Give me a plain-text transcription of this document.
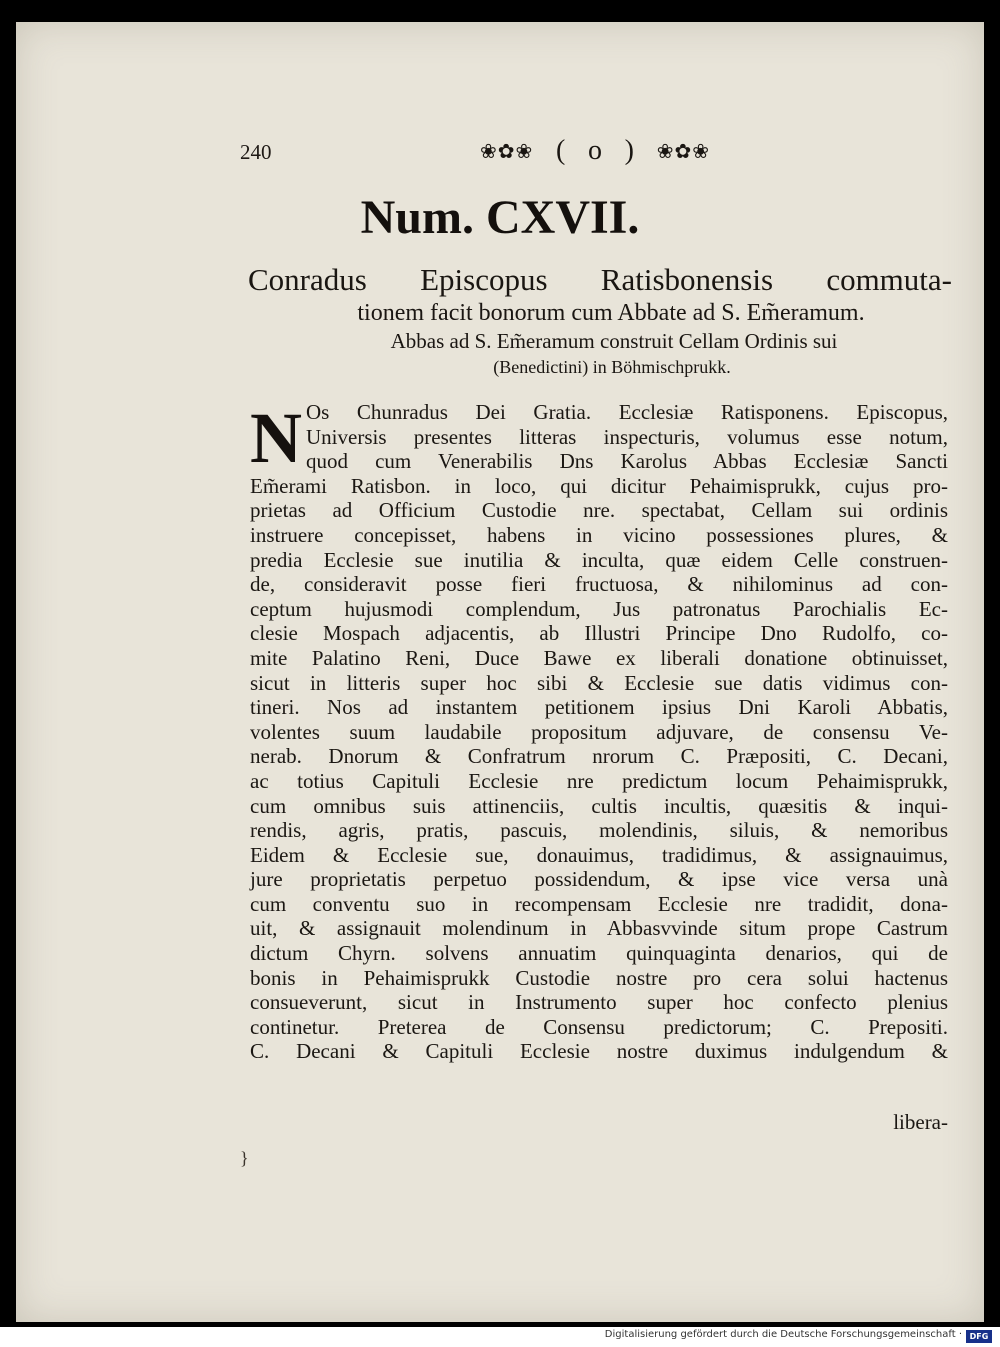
240	❀✿❀ ( o ) ❀✿❀
Num. CXVII.
Conradus Episcopus Ratisbonensis commuta-
tionem facit bonorum cum Abbate ad S. Em̃eramum.
Abbas ad S. Em̃eramum construit Cellam Ordinis sui
(Benedictini) in Böhmischprukk.
N Os Chunradus Dei Gratia. Ecclesiæ Ratisponens. Episcopus,
Universis presentes litteras inspecturis, volumus esse notum,
quod cum Venerabilis Dns Karolus Abbas Ecclesiæ Sancti
Em̃erami Ratisbon. in loco, qui dicitur Pehaimisprukk, cujus pro-
prietas ad Officium Custodie nre. spectabat, Cellam sui ordinis
instruere concepisset, habens in vicino possessiones plures, &
predia Ecclesie sue inutilia & inculta, quæ eidem Celle construen-
de, consideravit posse fieri fructuosa, & nihilominus ad con-
ceptum hujusmodi complendum, Jus patronatus Parochialis Ec-
clesie Mospach adjacentis, ab Illustri Principe Dno Rudolfo, co-
mite Palatino Reni, Duce Bawe ex liberali donatione obtinuisset,
sicut in litteris super hoc sibi & Ecclesie sue datis vidimus con-
tineri. Nos ad instantem petitionem ipsius Dni Karoli Abbatis,
volentes suum laudabile propositum adjuvare, de consensu Ve-
nerab. Dnorum & Confratrum nrorum C. Præpositi, C. Decani,
ac totius Capituli Ecclesie nre predictum locum Pehaimisprukk,
cum omnibus suis attinenciis, cultis incultis, quæsitis & inqui-
rendis, agris, pratis, pascuis, molendinis, siluis, & nemoribus
Eidem & Ecclesie sue, donauimus, tradidimus, & assignauimus,
jure proprietatis perpetuo possidendum, & ipse vice versa unà
cum conventu suo in recompensam Ecclesie nre tradidit, dona-
uit, & assignauit molendinum in Abbasvvinde situm prope Castrum
dictum Chyrn. solvens annuatim quinquaginta denarios, qui de
bonis in Pehaimisprukk Custodie nostre pro cera solui hactenus
consueverunt, sicut in Instrumento super hoc confecto plenius
continetur. Preterea de Consensu predictorum; C. Prepositi.
C. Decani & Capituli Ecclesie nostre duximus indulgendum &
libera-
}
Digitalisierung gefördert durch die Deutsche Forschungsgemeinschaft · DFG
